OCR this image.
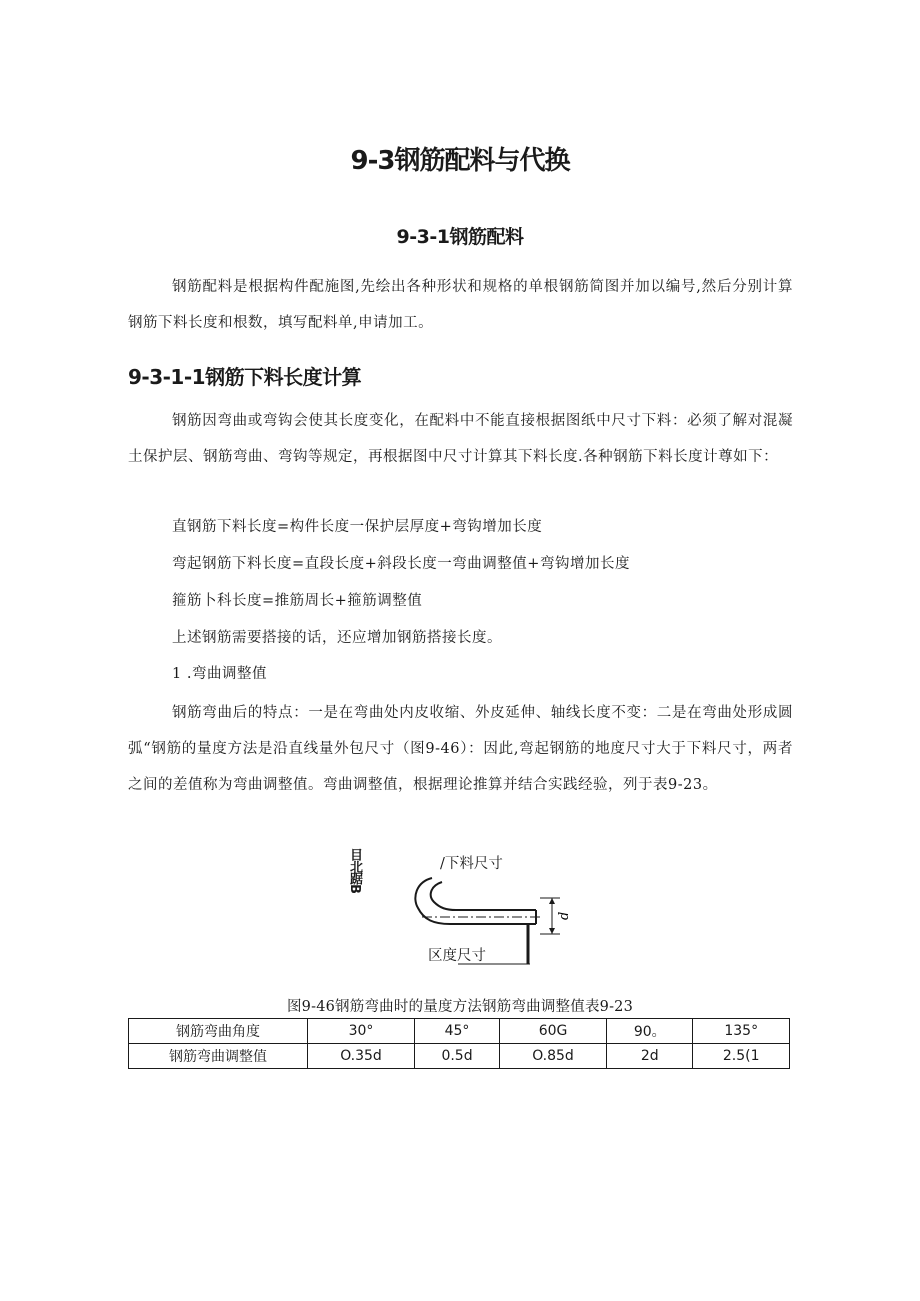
9-3钢筋配料与代换
9-3-1钢筋配料
钢筋配料是根据构件配施图,先绘出各种形状和规格的单根钢筋简图并加以编号,然后分别计算钢筋下料长度和根数，填写配料单,申请加工。
9-3-1-1钢筋下料长度计算
钢筋因弯曲或弯钩会使其长度变化，在配料中不能直接根据图纸中尺寸下料：必须了解对混凝土保护层、钢筋弯曲、弯钩等规定，再根据图中尺寸计算其下料长度.各种钢筋下料长度计尊如下：
直钢筋下料长度=构件长度一保护层厚度+弯钩增加长度
弯起钢筋下料长度=直段长度+斜段长度一弯曲调整值+弯钩增加长度
箍筋卜科长度=推筋周长+箍筋调整值
上述钢筋需要搭接的话，还应增加钢筋搭接长度。
1 .弯曲调整值
钢筋弯曲后的特点：一是在弯曲处内皮收缩、外皮延伸、轴线长度不变：二是在弯曲处形成圆弧“钢筋的量度方法是沿直线量外包尺寸（图9-46）：因此,弯起钢筋的地度尺寸大于下料尺寸，两者之间的差值称为弯曲调整值。弯曲调整值，根据理论推算并结合实践经验，列于表9-23。
目北踞B	/下料尺寸
d
区度尺寸
图9-46钢筋弯曲时的量度方法钢筋弯曲调整值表9-23
钢筋弯曲角度	30°	45°	60G	90。	135°
钢筋弯曲调整值	O.35d	0.5d	O.85d	2d	2.5(1
